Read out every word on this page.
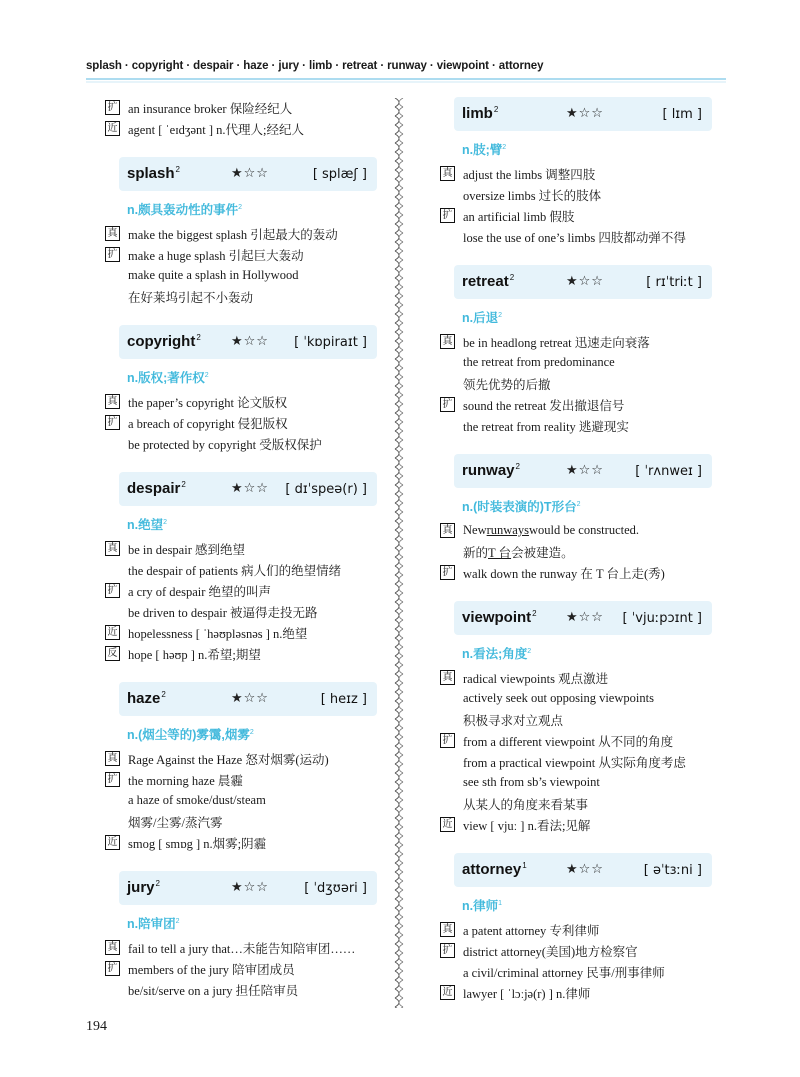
splash · copyright · despair · haze · jury · limb · retreat · runway · viewpoint · attorney
扩 an insurance broker 保险经纪人
近 agent [ ˈeɪdʒənt ] n.代理人;经纪人
splash$^2$	★☆☆	[ splæʃ ]
n.颇具轰动性的事件$^2$
真 make the biggest splash 引起最大的轰动
扩 make a huge splash 引起巨大轰动
make quite a splash in Hollywood
在好莱坞引起不小轰动
copyright$^2$ ★☆☆ [ ˈkɒpiraɪt ]
n.版权;著作权$^2$
真 the paper’s copyright 论文版权
扩 a breach of copyright 侵犯版权
be protected by copyright 受版权保护
despair$^2$	★☆☆ [ dɪˈspeə(r) ]
n.绝望$^2$
真 be in despair 感到绝望
the despair of patients 病人们的绝望情绪
扩 a cry of despair 绝望的叫声
be driven to despair 被逼得走投无路
近 hopelessness [ ˈhəʊpləsnəs ] n.绝望
反 hope [ həʊp ] n.希望;期望
haze$^2$	★☆☆	[ heɪz ]
n.(烟尘等的)雾霭,烟雾$^2$
真 Rage Against the Haze 怒对烟雾(运动)
扩 the morning haze 晨霾
a haze of smoke/dust/steam
烟雾/尘雾/蒸汽雾
近 smog [ smɒg ] n.烟雾;阴霾
jury$^2$	★☆☆	[ ˈdʒʊəri ]
n.陪审团$^2$
真 fail to tell a jury that…未能告知陪审团……
扩 members of the jury 陪审团成员
be/sit/serve on a jury 担任陪审员
limb$^2$	★☆☆	[ lɪm ]
n.肢;臂$^2$
真 adjust the limbs 调整四肢
oversize limbs 过长的肢体
扩 an artificial limb 假肢
lose the use of one’s limbs 四肢都动弹不得
retreat$^2$	★☆☆	[ rɪˈtriːt ]
n.后退$^2$
真 be in headlong retreat 迅速走向衰落
the retreat from predominance
领先优势的后撤
扩 sound the retreat 发出撤退信号
the retreat from reality 逃避现实
runway$^2$	★☆☆ [ ˈrʌnweɪ ]
n.(时装表演的)T形台$^2$
真 New runways would be constructed.
新的 T 台 会被建造。
扩 walk down the runway 在 T 台上走(秀)
viewpoint$^2$ ★☆☆ [ ˈvjuːpɔɪnt ]
n.看法;角度$^2$
真 radical viewpoints 观点激进
actively seek out opposing viewpoints
积极寻求对立观点
扩 from a different viewpoint 从不同的角度
from a practical viewpoint 从实际角度考虑
see sth from sb’s viewpoint
从某人的角度来看某事
近 view [ vjuː ] n.看法;见解
attorney$^1$	★☆☆	[ əˈtɜːni ]
n.律师$^1$
真 a patent attorney 专利律师
扩 district attorney(美国)地方检察官
a civil/criminal attorney 民事/刑事律师
近 lawyer [ ˈlɔːjə(r) ] n.律师
194
